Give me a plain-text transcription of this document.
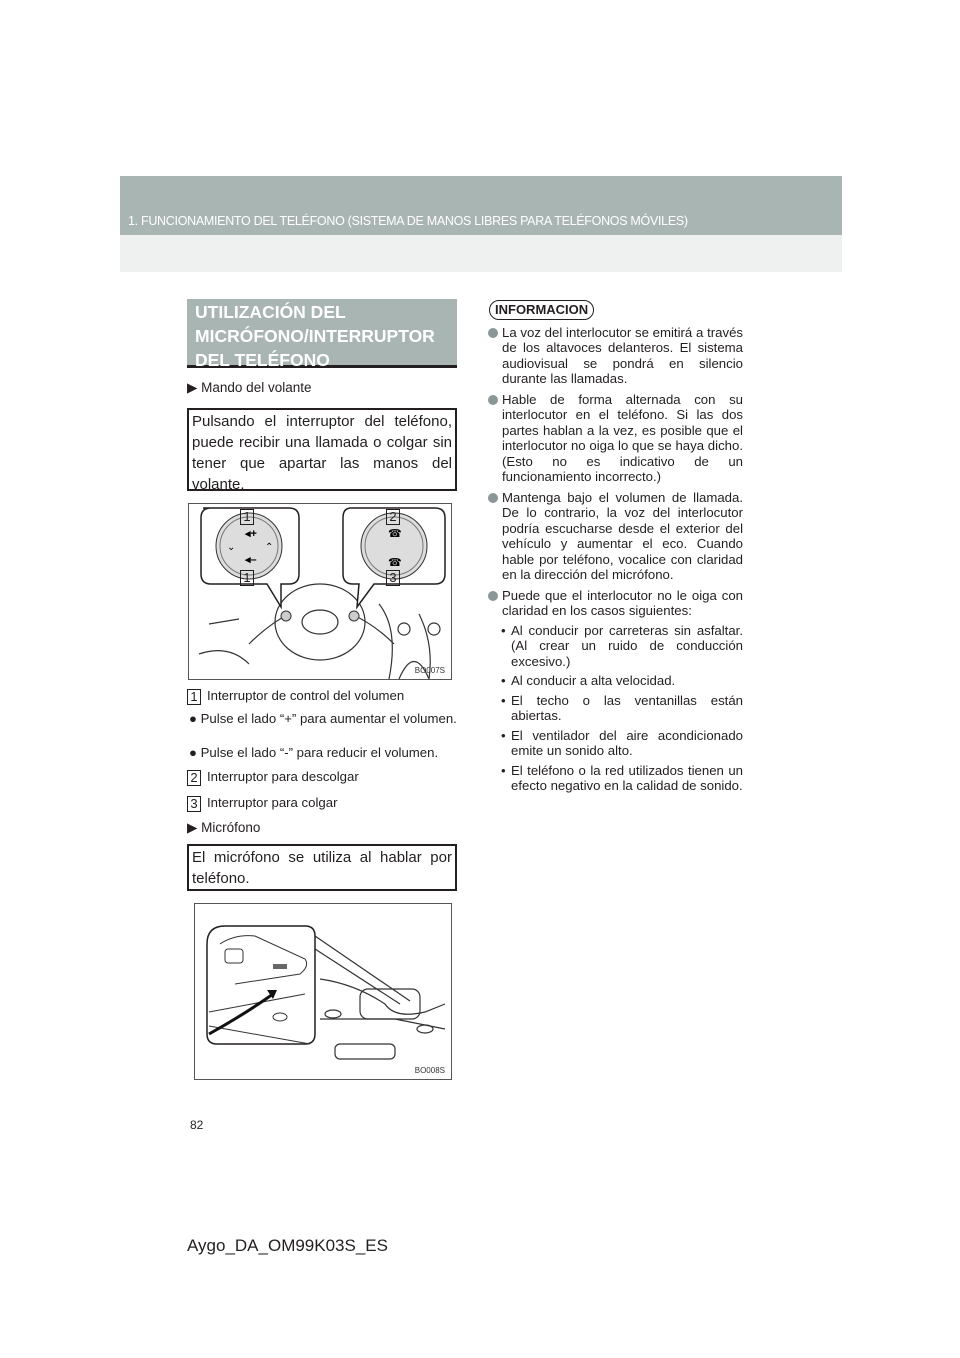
1. FUNCIONAMIENTO DEL TELÉFONO (SISTEMA DE MANOS LIBRES PARA TELÉFONOS MÓVILES)
UTILIZACIÓN DEL
MICRÓFONO/INTERRUPTOR
DEL TELÉFONO
▶ Mando del volante
Pulsando el interruptor del teléfono, puede recibir una llamada o colgar sin tener que apartar las manos del volante.
◂+
◂–
⌄	⌃
☎
☎
1
1
2
3
BO007S
1 Interruptor de control del volumen
● Pulse el lado “+” para aumentar el volumen.
● Pulse el lado “-” para reducir el volumen.
2 Interruptor para descolgar
3 Interruptor para colgar
▶ Micrófono
El micrófono se utiliza al hablar por teléfono.
BO008S
INFORMACION
La voz del interlocutor se emitirá a través de los altavoces delanteros. El sistema audiovisual se pondrá en silencio durante las llamadas.
Hable de forma alternada con su interlocutor en el teléfono. Si las dos partes hablan a la vez, es posible que el interlocutor no oiga lo que se haya dicho. (Esto no es indicativo de un funcionamiento incorrecto.)
Mantenga bajo el volumen de llamada. De lo contrario, la voz del interlocutor podría escucharse desde el exterior del vehículo y aumentar el eco. Cuando hable por teléfono, vocalice con claridad en la dirección del micrófono.
Puede que el interlocutor no le oiga con claridad en los casos siguientes:
• Al conducir por carreteras sin asfaltar. (Al crear un ruido de conducción excesivo.)
• Al conducir a alta velocidad.
• El techo o las ventanillas están abiertas.
• El ventilador del aire acondicionado emite un sonido alto.
• El teléfono o la red utilizados tienen un efecto negativo en la calidad de sonido.
82
Aygo_DA_OM99K03S_ES
